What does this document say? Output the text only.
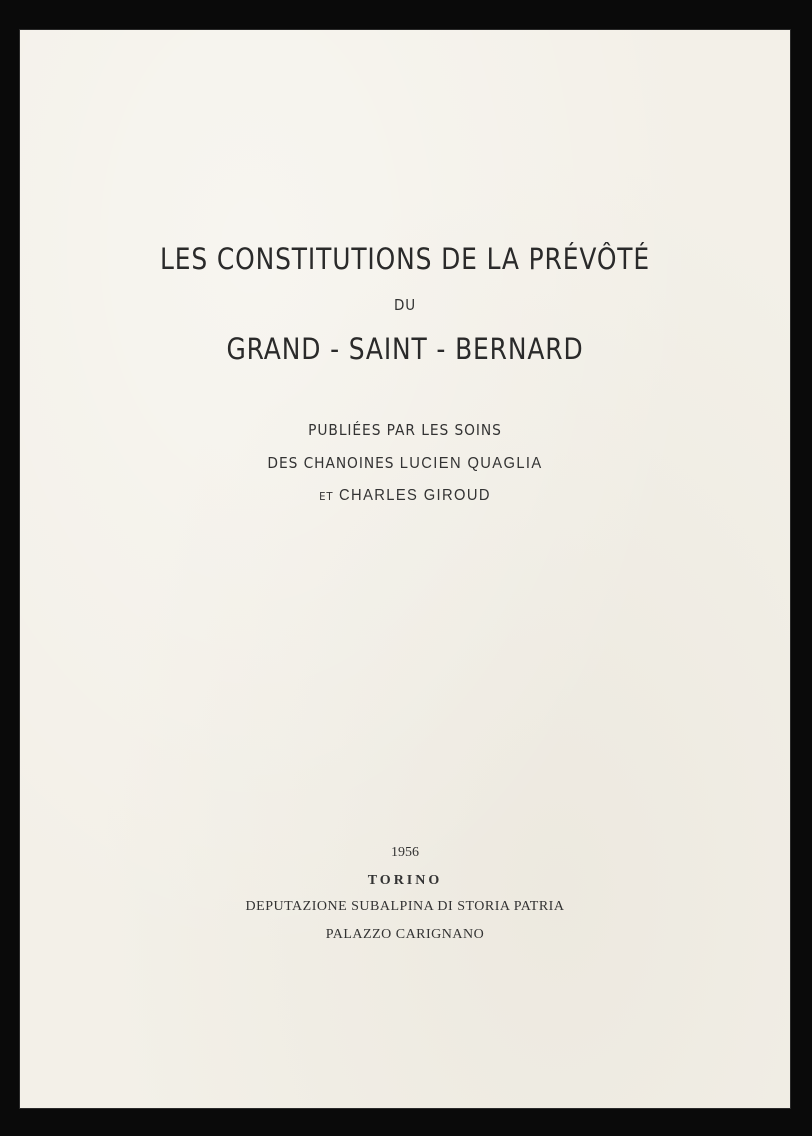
LES CONSTITUTIONS DE LA PRÉVÔTÉ
DU
GRAND - SAINT - BERNARD
PUBLIÉES PAR LES SOINS
DES CHANOINES LUCIEN QUAGLIA
ET CHARLES GIROUD
1956
TORINO
DEPUTAZIONE SUBALPINA DI STORIA PATRIA
PALAZZO CARIGNANO
